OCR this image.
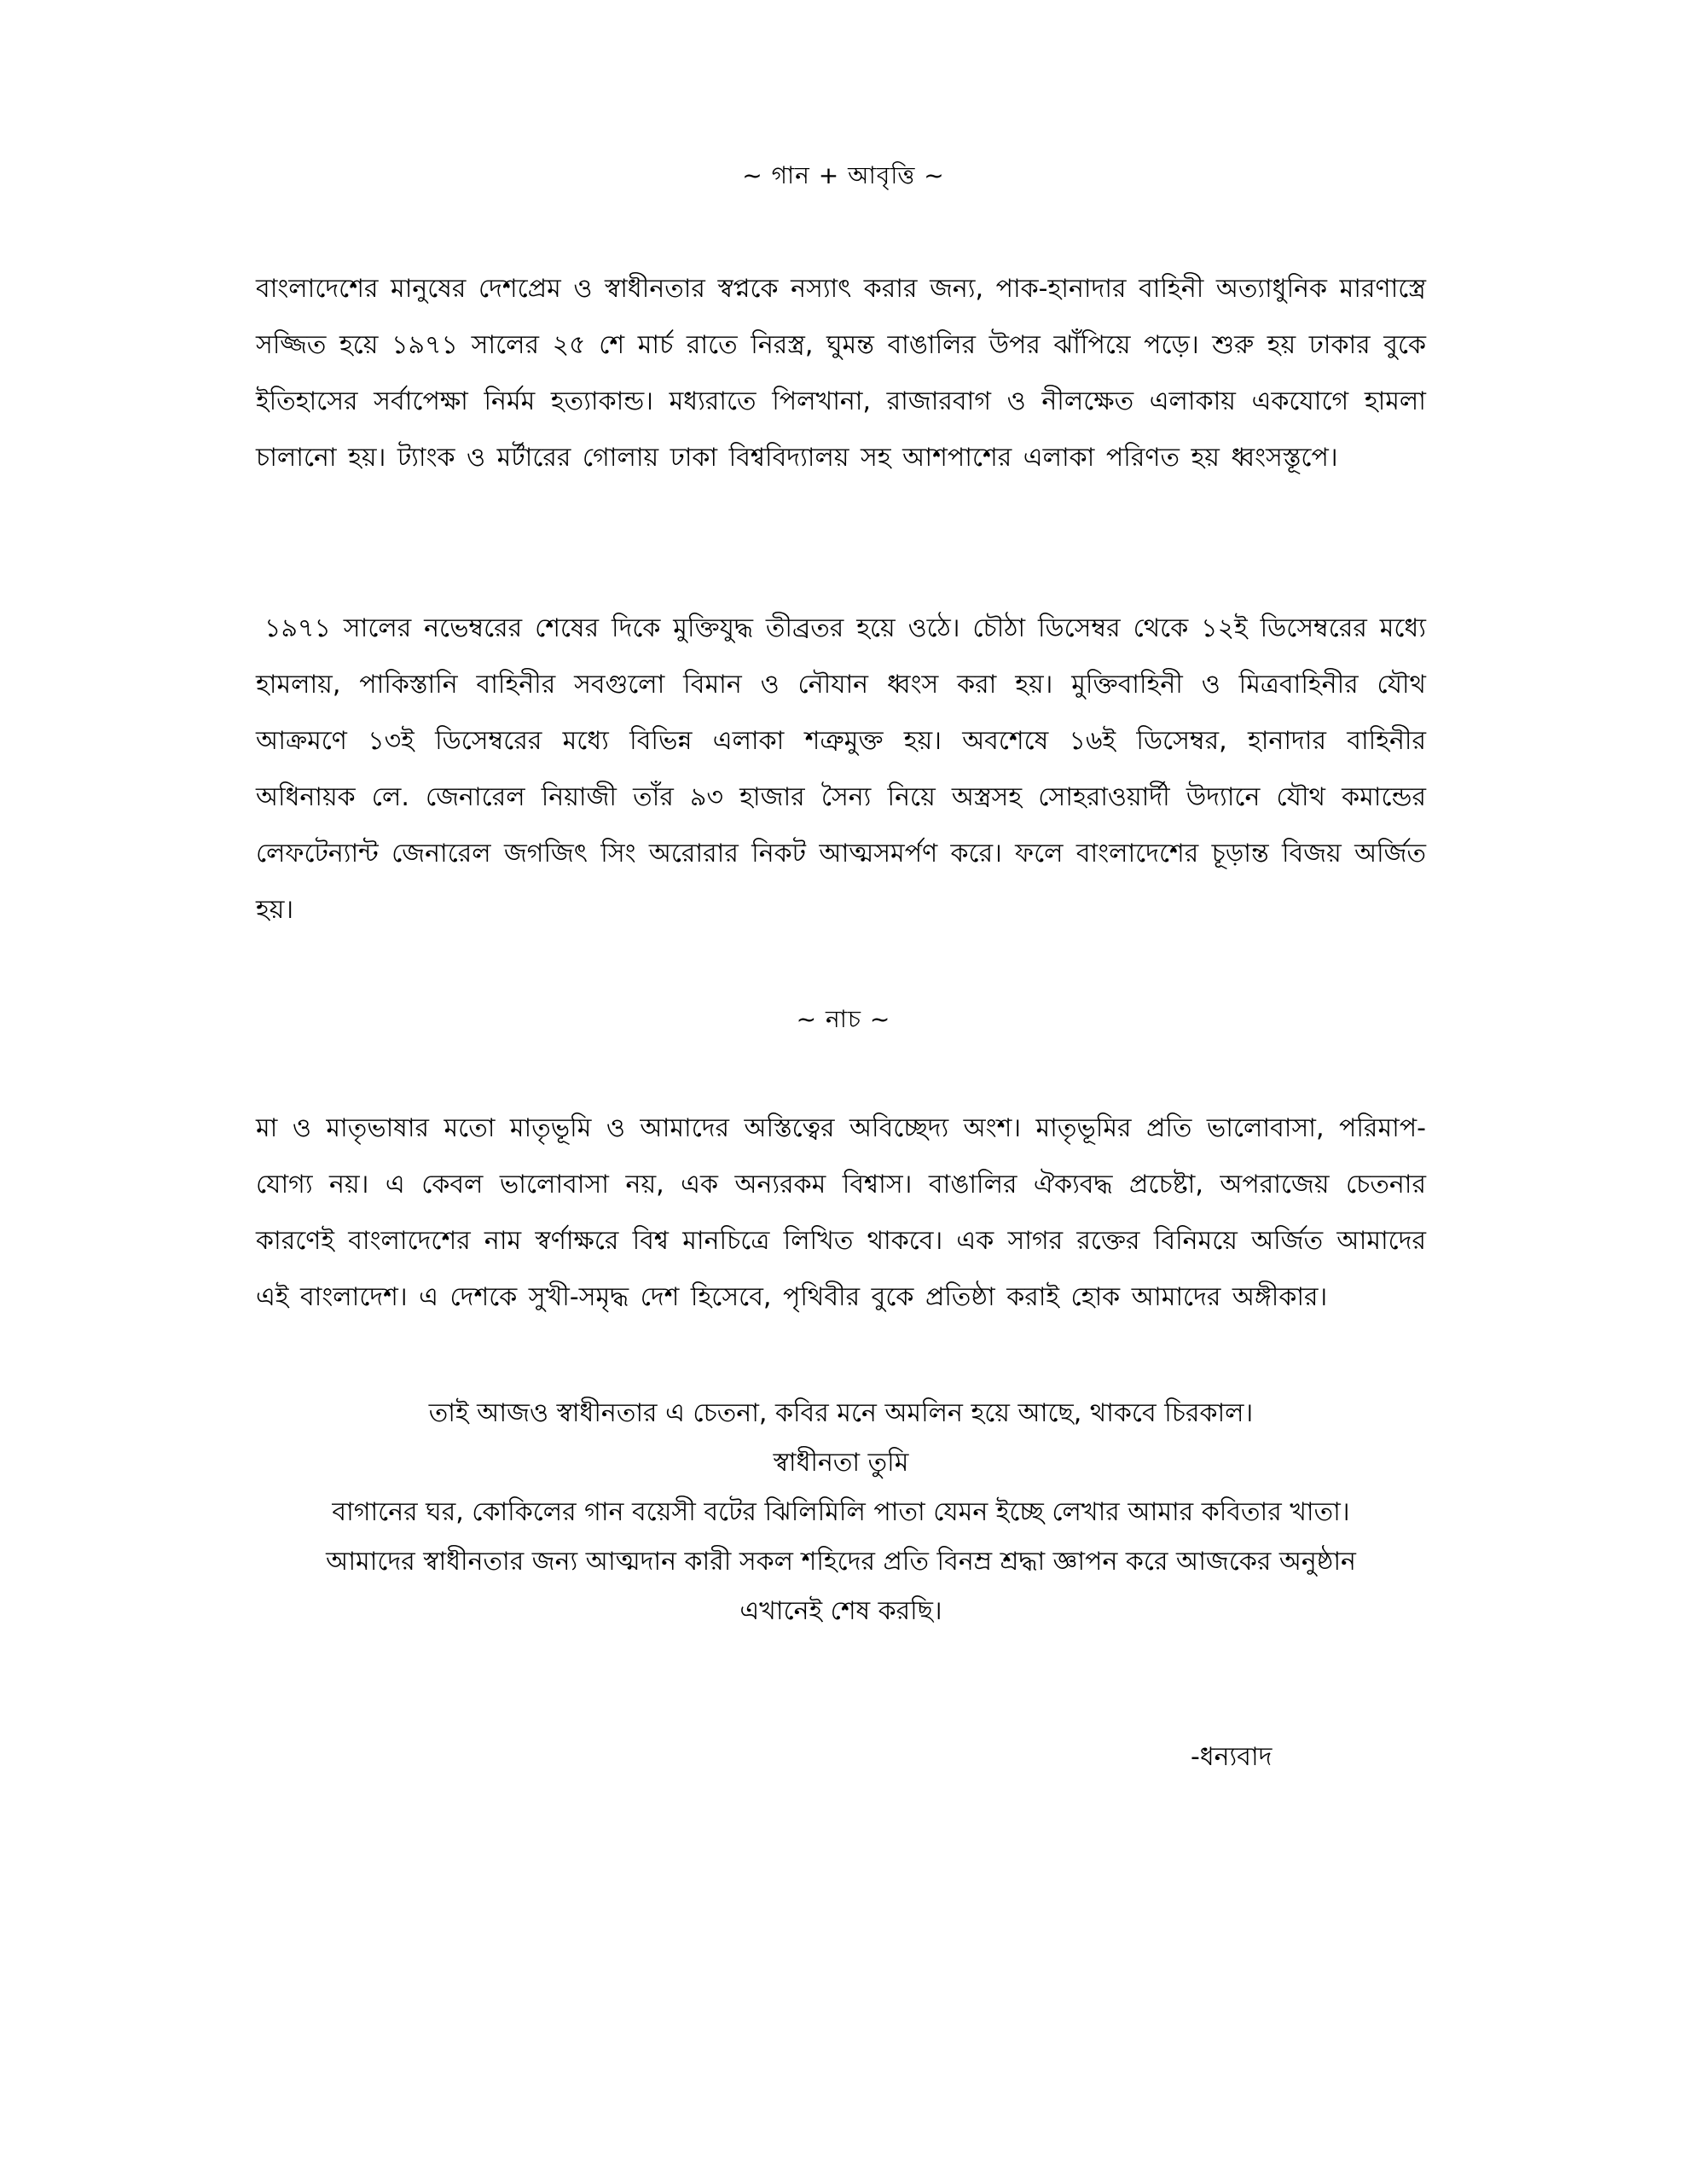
~ গান + আবৃত্তি ~

বাংলাদেশের মানুষের দেশপ্রেম ও স্বাধীনতার স্বপ্নকে নস্যাৎ করার জন্য, পাক-হানাদার বাহিনী অত্যাধুনিক মারণাস্ত্রে সজ্জিত হয়ে ১৯৭১ সালের ২৫ শে মার্চ রাতে নিরস্ত্র, ঘুমন্ত বাঙালির উপর ঝাঁপিয়ে পড়ে। শুরু হয় ঢাকার বুকে ইতিহাসের সর্বাপেক্ষা নির্মম হত্যাকান্ড। মধ্যরাতে পিলখানা, রাজারবাগ ও নীলক্ষেত এলাকায় একযোগে হামলা চালানো হয়। ট্যাংক ও মর্টারের গোলায় ঢাকা বিশ্ববিদ্যালয় সহ আশপাশের এলাকা পরিণত হয় ধ্বংসস্তূপে।

১৯৭১ সালের নভেম্বরের শেষের দিকে মুক্তিযুদ্ধ তীব্রতর হয়ে ওঠে। চৌঠা ডিসেম্বর থেকে ১২ই ডিসেম্বরের মধ্যে হামলায়, পাকিস্তানি বাহিনীর সবগুলো বিমান ও নৌযান ধ্বংস করা হয়। মুক্তিবাহিনী ও মিত্রবাহিনীর যৌথ আক্রমণে ১৩ই ডিসেম্বরের মধ্যে বিভিন্ন এলাকা শত্রুমুক্ত হয়। অবশেষে ১৬ই ডিসেম্বর, হানাদার বাহিনীর অধিনায়ক লে. জেনারেল নিয়াজী তাঁর ৯৩ হাজার সৈন্য নিয়ে অস্ত্রসহ সোহরাওয়ার্দী উদ্যানে যৌথ কমান্ডের লেফটেন্যান্ট জেনারেল জগজিৎ সিং অরোরার নিকট আত্মসমর্পণ করে। ফলে বাংলাদেশের চূড়ান্ত বিজয় অর্জিত হয়।

~ নাচ ~

মা ও মাতৃভাষার মতো মাতৃভূমি ও আমাদের অস্তিত্বের অবিচ্ছেদ্য অংশ। মাতৃভূমির প্রতি ভালোবাসা, পরিমাপ-যোগ্য নয়। এ কেবল ভালোবাসা নয়, এক অন্যরকম বিশ্বাস। বাঙালির ঐক্যবদ্ধ প্রচেষ্টা, অপরাজেয় চেতনার কারণেই বাংলাদেশের নাম স্বর্ণাক্ষরে বিশ্ব মানচিত্রে লিখিত থাকবে। এক সাগর রক্তের বিনিময়ে অর্জিত আমাদের এই বাংলাদেশ। এ দেশকে সুখী-সমৃদ্ধ দেশ হিসেবে, পৃথিবীর বুকে প্রতিষ্ঠা করাই হোক আমাদের অঙ্গীকার।

তাই আজও স্বাধীনতার এ চেতনা, কবির মনে অমলিন হয়ে আছে, থাকবে চিরকাল।
স্বাধীনতা তুমি
বাগানের ঘর, কোকিলের গান বয়েসী বটের ঝিলিমিলি পাতা যেমন ইচ্ছে লেখার আমার কবিতার খাতা।
আমাদের স্বাধীনতার জন্য আত্মদান কারী সকল শহিদের প্রতি বিনম্র শ্রদ্ধা জ্ঞাপন করে আজকের অনুষ্ঠান
এখানেই শেষ করছি।
-ধন্যবাদ
